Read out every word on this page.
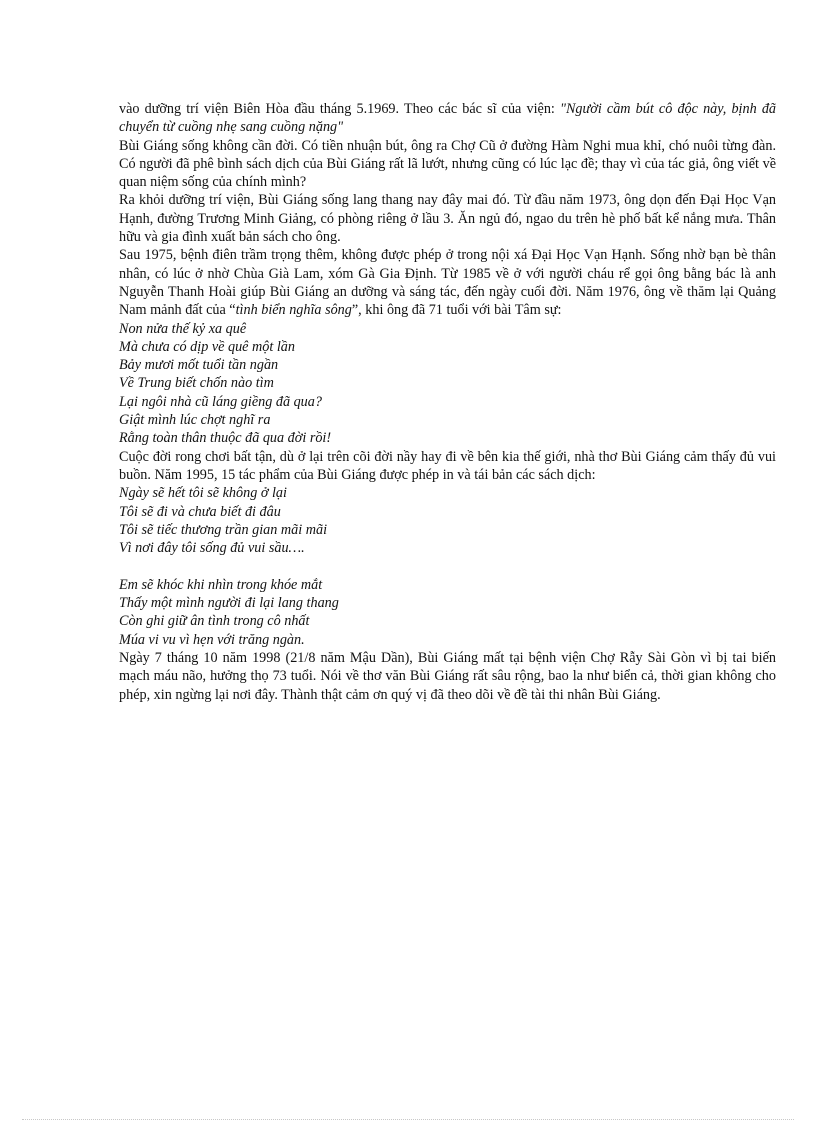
vào dưỡng trí viện Biên Hòa đầu tháng 5.1969. Theo các bác sĩ của viện: "Người cầm bút cô độc này, bịnh đã chuyển từ cuồng nhẹ sang cuồng nặng"

Bùi Giáng sống không cần đời. Có tiền nhuận bút, ông ra Chợ Cũ ở đường Hàm Nghi mua khỉ, chó nuôi từng đàn. Có người đã phê bình sách dịch của Bùi Giáng rất lã lướt, nhưng cũng có lúc lạc đề; thay vì của tác giả, ông viết về quan niệm sống của chính mình?

Ra khỏi dưỡng trí viện, Bùi Giáng sống lang thang nay đây mai đó. Từ đầu năm 1973, ông dọn đến Đại Học Vạn Hạnh, đường Trương Minh Giảng, có phòng riêng ở lầu 3. Ăn ngủ đó, ngao du trên hè phố bất kể nắng mưa. Thân hữu và gia đình xuất bản sách cho ông.

Sau 1975, bệnh điên trầm trọng thêm, không được phép ở trong nội xá Đại Học Vạn Hạnh. Sống nhờ bạn bè thân nhân, có lúc ở nhờ Chùa Già Lam, xóm Gà Gia Định. Từ 1985 về ở với người cháu rể gọi ông bằng bác là anh Nguyễn Thanh Hoài giúp Bùi Giáng an dưỡng và sáng tác, đến ngày cuối đời. Năm 1976, ông về thăm lại Quảng Nam mảnh đất của “tình biển nghĩa sông”, khi ông đã 71 tuổi với bài Tâm sự:

Non nửa thế kỷ xa quê

Mà chưa có dịp về quê một lần

Bảy mươi mốt tuổi tần ngần

Về Trung biết chốn nào tìm

Lại ngôi nhà cũ láng giềng đã qua?

Giật mình lúc chợt nghĩ ra

Rằng toàn thân thuộc đã qua đời rồi!

Cuộc đời rong chơi bất tận, dù ở lại trên cõi đời nầy hay đi về bên kia thế giới, nhà thơ Bùi Giáng cảm thấy đủ vui buồn. Năm 1995, 15 tác phẩm của Bùi Giáng được phép in và tái bản các sách dịch:

Ngày sẽ hết tôi sẽ không ở lại

Tôi sẽ đi và chưa biết đi đâu

Tôi sẽ tiếc thương trần gian mãi mãi

Vì nơi đây tôi sống đủ vui sầu….

Em sẽ khóc khi nhìn trong khóe mắt

Thấy một mình người đi lại lang thang

Còn ghi giữ ân tình trong cô nhất

Múa vi vu vì hẹn với trăng ngàn.

Ngày 7 tháng 10 năm 1998 (21/8 năm Mậu Dần), Bùi Giáng mất tại bệnh viện Chợ Rẫy Sài Gòn vì bị tai biến mạch máu não, hưởng thọ 73 tuổi. Nói về thơ văn Bùi Giáng rất sâu rộng, bao la như biển cả, thời gian không cho phép, xin ngừng lại nơi đây. Thành thật cảm ơn quý vị đã theo dõi về đề tài thi nhân Bùi Giáng.
